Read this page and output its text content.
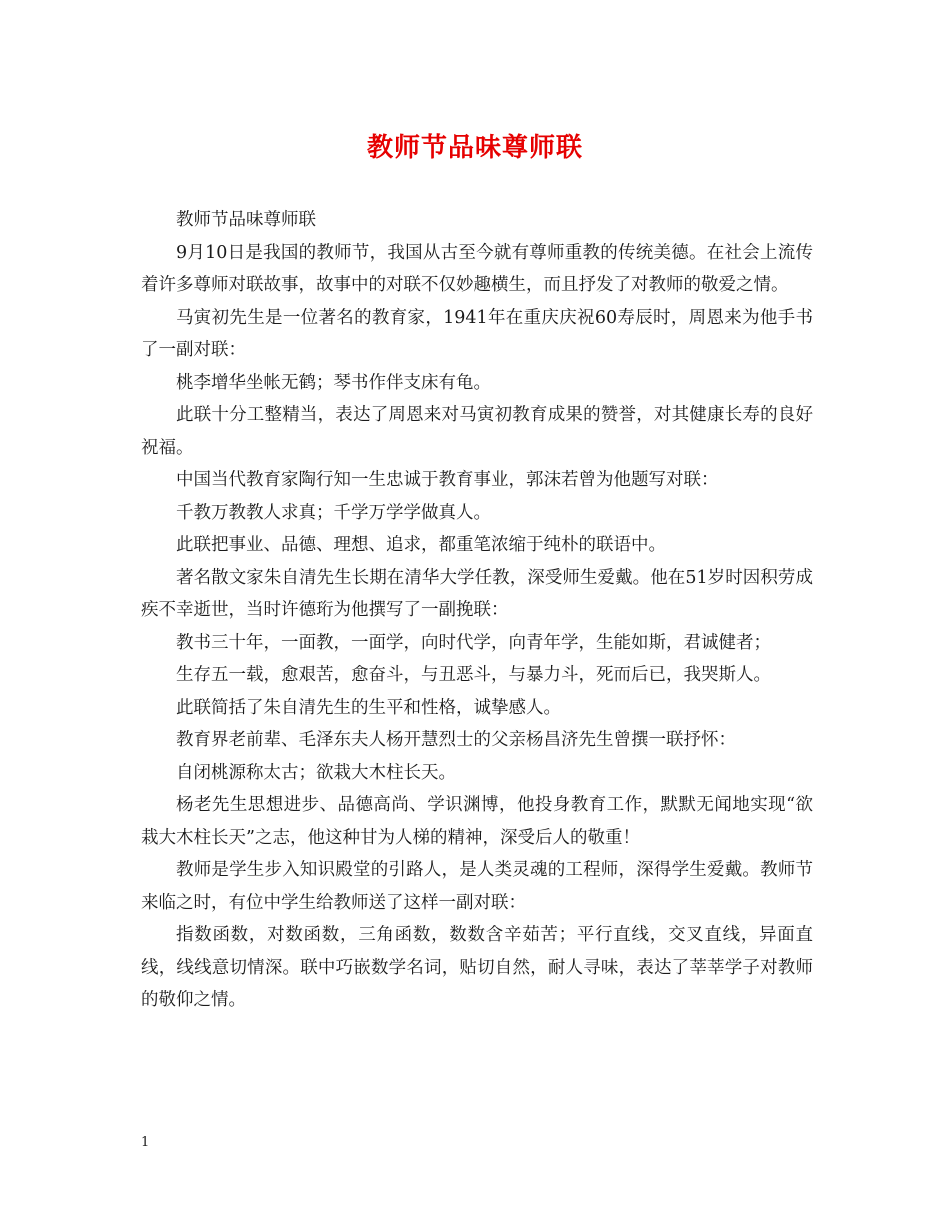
教师节品味尊师联

教师节品味尊师联

9月10日是我国的教师节，我国从古至今就有尊师重教的传统美德。在社会上流传着许多尊师对联故事，故事中的对联不仅妙趣横生，而且抒发了对教师的敬爱之情。

马寅初先生是一位著名的教育家，1941年在重庆庆祝60寿辰时，周恩来为他手书了一副对联：

桃李增华坐帐无鹤；琴书作伴支床有龟。

此联十分工整精当，表达了周恩来对马寅初教育成果的赞誉，对其健康长寿的良好祝福。

中国当代教育家陶行知一生忠诚于教育事业，郭沫若曾为他题写对联：

千教万教教人求真；千学万学学做真人。

此联把事业、品德、理想、追求，都重笔浓缩于纯朴的联语中。

著名散文家朱自清先生长期在清华大学任教，深受师生爱戴。他在51岁时因积劳成疾不幸逝世，当时许德珩为他撰写了一副挽联：

教书三十年，一面教，一面学，向时代学，向青年学，生能如斯，君诚健者；

生存五一载，愈艰苦，愈奋斗，与丑恶斗，与暴力斗，死而后已，我哭斯人。

此联简括了朱自清先生的生平和性格，诚挚感人。

教育界老前辈、毛泽东夫人杨开慧烈士的父亲杨昌济先生曾撰一联抒怀：

自闭桃源称太古；欲栽大木柱长天。

杨老先生思想进步、品德高尚、学识渊博，他投身教育工作，默默无闻地实现“欲栽大木柱长天”之志，他这种甘为人梯的精神，深受后人的敬重！

教师是学生步入知识殿堂的引路人，是人类灵魂的工程师，深得学生爱戴。教师节来临之时，有位中学生给教师送了这样一副对联：

指数函数，对数函数，三角函数，数数含辛茹苦；平行直线，交叉直线，异面直线，线线意切情深。联中巧嵌数学名词，贴切自然，耐人寻味，表达了莘莘学子对教师的敬仰之情。

1
